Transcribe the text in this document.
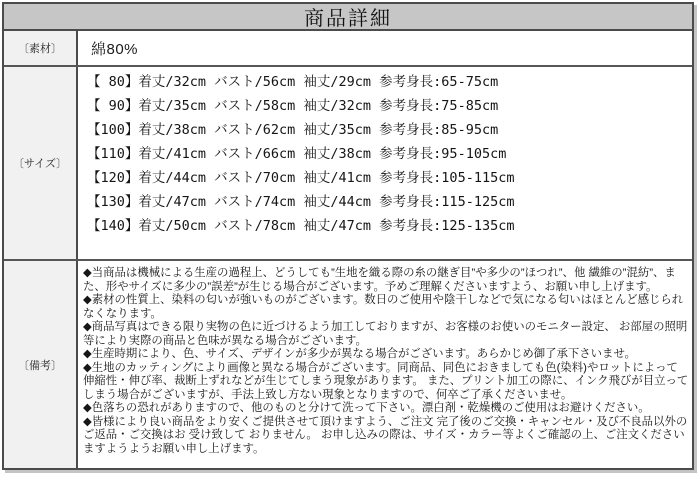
商品詳細
〔素材〕	綿80%
〔サイズ〕
【 80】着丈/32cm バスト/56cm 袖丈/29cm 参考身長:65-75cm
【 90】着丈/35cm バスト/58cm 袖丈/32cm 参考身長:75-85cm
【100】着丈/38cm バスト/62cm 袖丈/35cm 参考身長:85-95cm
【110】着丈/41cm バスト/66cm 袖丈/38cm 参考身長:95-105cm
【120】着丈/44cm バスト/70cm 袖丈/41cm 参考身長:105-115cm
【130】着丈/47cm バスト/74cm 袖丈/44cm 参考身長:115-125cm
【140】着丈/50cm バスト/78cm 袖丈/47cm 参考身長:125-135cm
〔備考〕
◆当商品は機械による生産の過程上、どうしても”生地を織る際の糸の継ぎ目”や多少の”ほつれ”、他 繊維の”混紡”、また、形やサイズに多少の”誤差”が生じる場合がございます。予めご理解くださいますよう、お願い申し上げます。
◆素材の性質上、染料の匂いが強いものがございます。数日のご使用や陰干しなどで気になる匂いはほとんど感じられなくなります。
◆商品写真はできる限り実物の色に近づけるよう加工しておりますが、お客様のお使いのモニター設定、 お部屋の照明等により実際の商品と色味が異なる場合がございます。
◆生産時期により、色、サイズ、デザインが多少が異なる場合がございます。あらかじめ御了承下さいませ。
◆生地のカッティングにより画像と異なる場合がございます。同商品、同色におきましても色(染料)やロットによって伸縮性・伸び率、裁断上ずれなどが生じてしまう現象があります。 また、プリント加工の際に、インク飛びが目立ってしまう場合がございますが、手法上致し方ない現象となりますので、何卒ご了承くださいませ。
◆色落ちの恐れがありますので、他のものと分けて洗って下さい。漂白剤・乾燥機のご使用はお避けください。
◆皆様により良い商品をより安くご提供させて頂けますよう、ご注文 完了後のご交換・キャンセル・及び不良品以外のご返品・ご交換はお 受け致して おりません。 お申し込みの際は、サイズ・カラー等よくご確認の上、ご注文くださいますようようお願い申し上げます。
